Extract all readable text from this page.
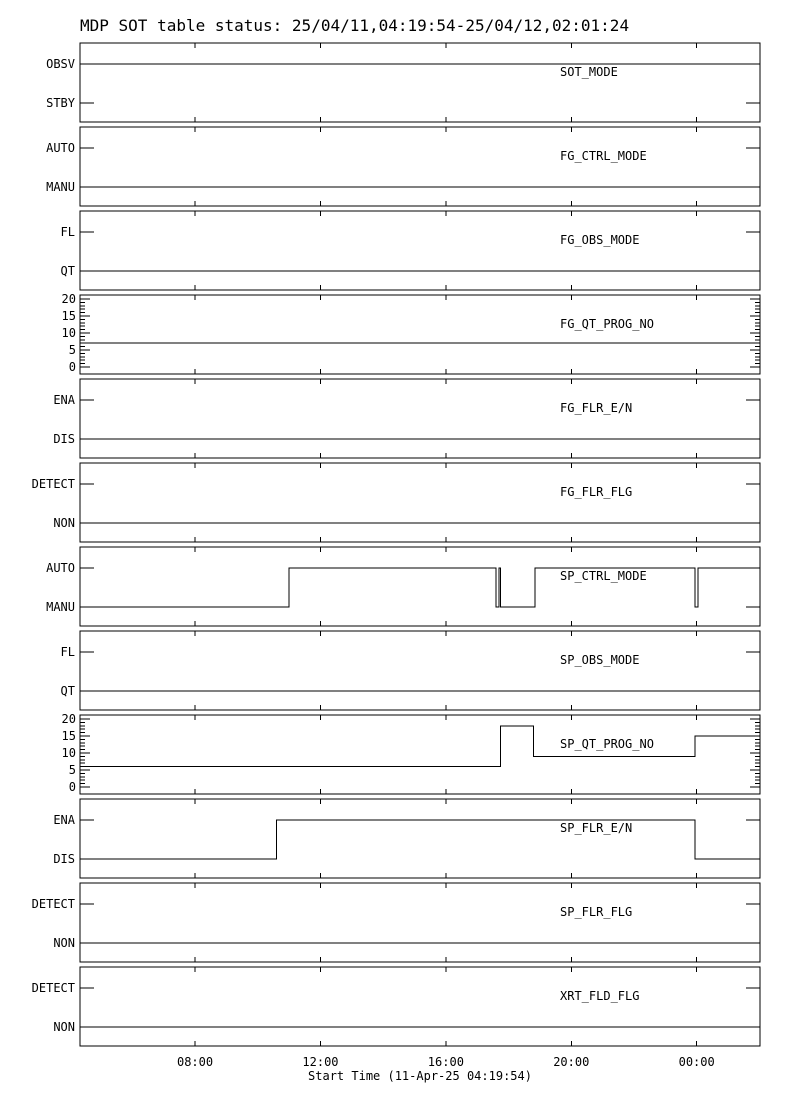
MDP SOT table status: 25/04/11,04:19:54-25/04/12,02:01:24
SOT_MODE
OBSV
STBY
FG_CTRL_MODE
AUTO
MANU
FG_OBS_MODE
FL
QT
FG_QT_PROG_NO
0
5
10
15
20
FG_FLR_E/N
ENA
DIS
FG_FLR_FLG
DETECT
NON
SP_CTRL_MODE
AUTO
MANU
SP_OBS_MODE
FL
QT
SP_QT_PROG_NO
0
5
10
15
20
SP_FLR_E/N
ENA
DIS
SP_FLR_FLG
DETECT
NON
XRT_FLD_FLG
DETECT
NON
08:00	12:00	16:00	20:00	00:00
Start Time (11-Apr-25 04:19:54)
